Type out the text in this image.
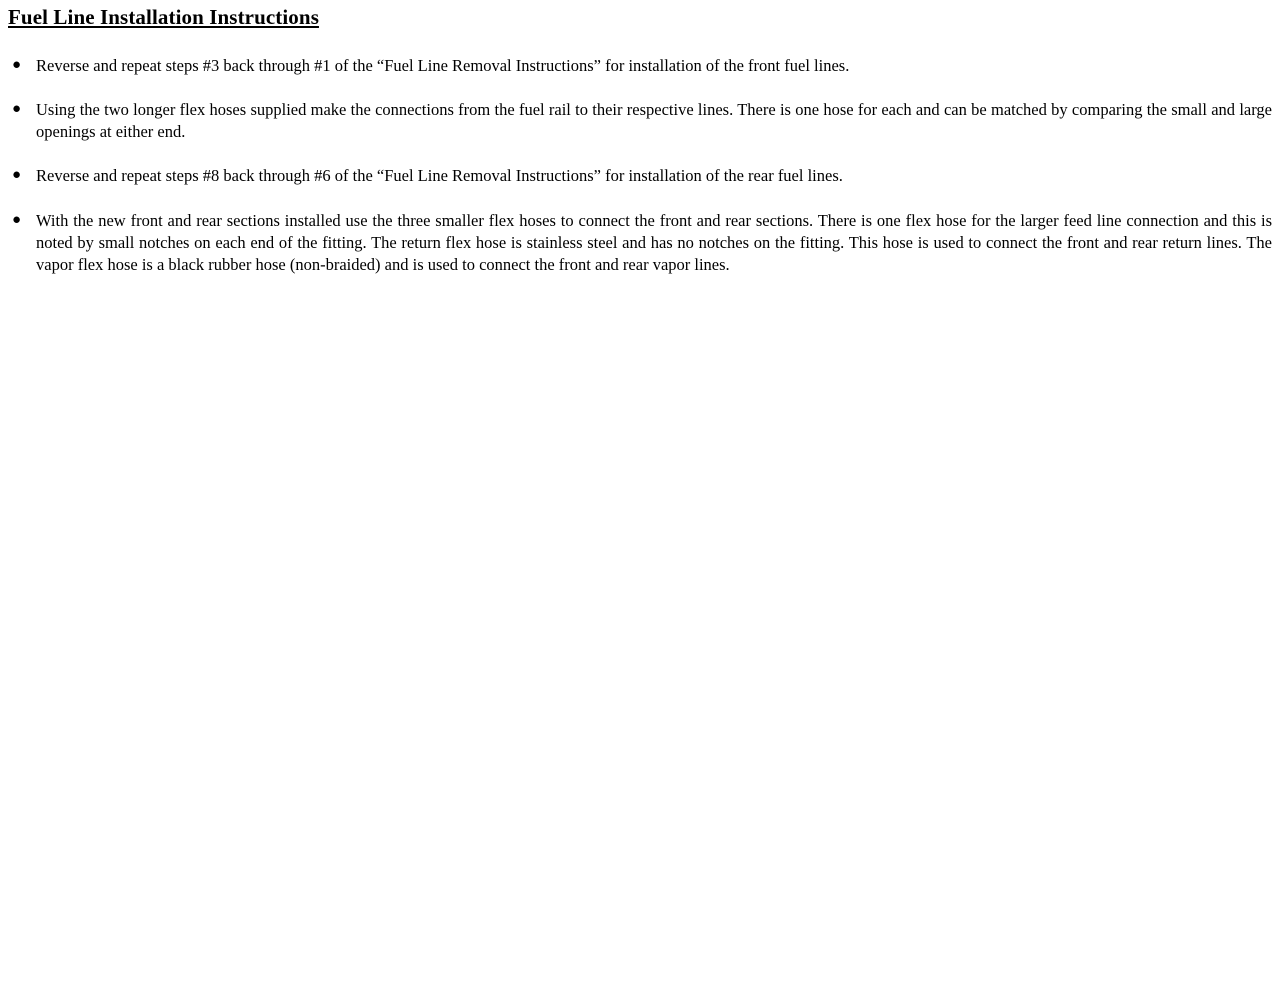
Fuel Line Installation Instructions
● Reverse and repeat steps #3 back through #1 of the “Fuel Line Removal Instructions” for installation of the front fuel lines.
● Using the two longer flex hoses supplied make the connections from the fuel rail to their respective lines. There is one hose for each and can be matched by comparing the small and large openings at either end.
● Reverse and repeat steps #8 back through #6 of the “Fuel Line Removal Instructions” for installation of the rear fuel lines.
● With the new front and rear sections installed use the three smaller flex hoses to connect the front and rear sections. There is one flex hose for the larger feed line connection and this is noted by small notches on each end of the fitting. The return flex hose is stainless steel and has no notches on the fitting. This hose is used to connect the front and rear return lines. The vapor flex hose is a black rubber hose (non-braided) and is used to connect the front and rear vapor lines.
